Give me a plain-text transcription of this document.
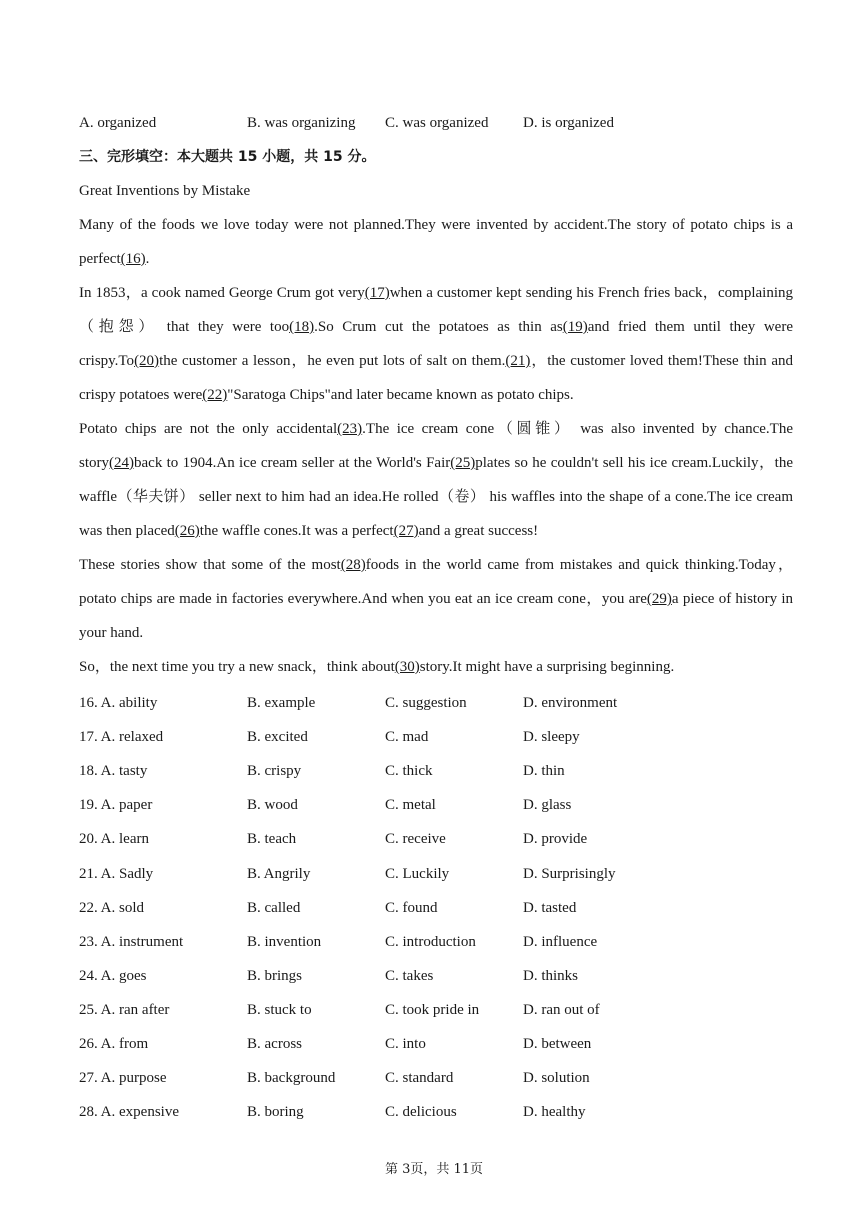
A. organized	B. was organizing C. was organized D. is organized
三、完形填空：本大题共 15 小题，共 15 分。
Great Inventions by Mistake
Many of the foods we love today were not planned.They were invented by accident.The story of potato chips is a perfect(16).
In 1853，a cook named George Crum got very(17)when a customer kept sending his French fries back，complaining（抱怨） that they were too(18).So Crum cut the potatoes as thin as(19)and fried them until they were crispy.To(20)the customer a lesson，he even put lots of salt on them.(21)，the customer loved them!These thin and crispy potatoes were(22)"Saratoga Chips"and later became known as potato chips.
Potato chips are not the only accidental(23).The ice cream cone（圆锥） was also invented by chance.The story(24)back to 1904.An ice cream seller at the World's Fair(25)plates so he couldn't sell his ice cream.Luckily，the waffle（华夫饼） seller next to him had an idea.He rolled（卷） his waffles into the shape of a cone.The ice cream was then placed(26)the waffle cones.It was a perfect(27)and a great success!
These stories show that some of the most(28)foods in the world came from mistakes and quick thinking.Today，potato chips are made in factories everywhere.And when you eat an ice cream cone，you are(29)a piece of history in your hand.
So，the next time you try a new snack，think about(30)story.It might have a surprising beginning.
16. A. ability	B. example	C. suggestion	D. environment
17. A. relaxed	B. excited	C. mad	D. sleepy
18. A. tasty	B. crispy	C. thick	D. thin
19. A. paper	B. wood	C. metal	D. glass
20. A. learn	B. teach	C. receive	D. provide
21. A. Sadly	B. Angrily	C. Luckily	D. Surprisingly
22. A. sold	B. called	C. found	D. tasted
23. A. instrument	B. invention	C. introduction	D. influence
24. A. goes	B. brings	C. takes	D. thinks
25. A. ran after	B. stuck to	C. took pride in	D. ran out of
26. A. from	B. across	C. into	D. between
27. A. purpose	B. background	C. standard	D. solution
28. A. expensive	B. boring	C. delicious	D. healthy
第 3页，共 11页
